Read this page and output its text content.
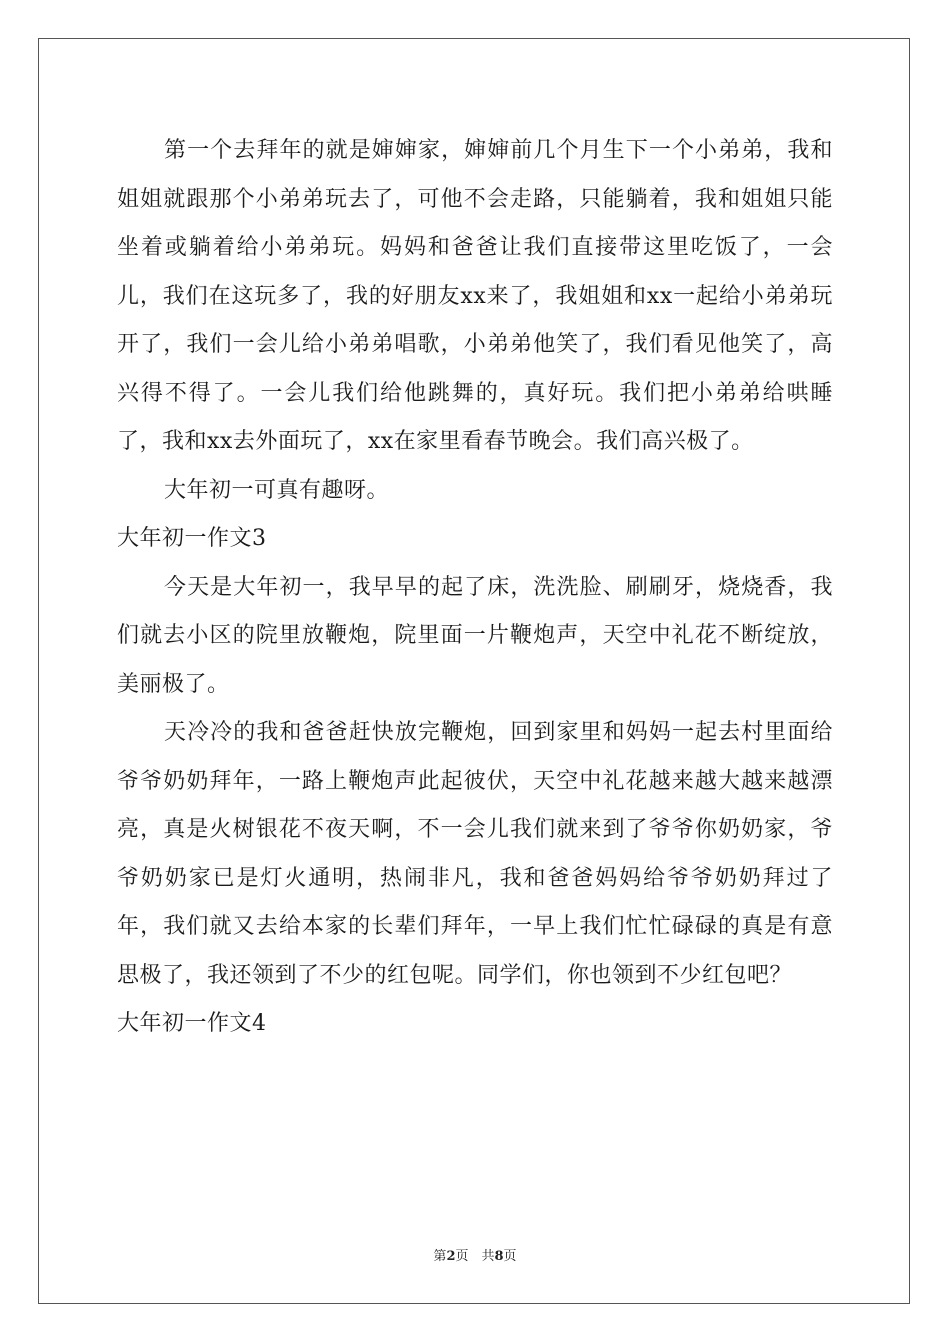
第一个去拜年的就是婶婶家，婶婶前几个月生下一个小弟弟，我和姐姐就跟那个小弟弟玩去了，可他不会走路，只能躺着，我和姐姐只能坐着或躺着给小弟弟玩。妈妈和爸爸让我们直接带这里吃饭了，一会儿，我们在这玩多了，我的好朋友xx来了，我姐姐和xx一起给小弟弟玩开了，我们一会儿给小弟弟唱歌，小弟弟他笑了，我们看见他笑了，高兴得不得了。一会儿我们给他跳舞的，真好玩。我们把小弟弟给哄睡了，我和xx去外面玩了，xx在家里看春节晚会。我们高兴极了。

大年初一可真有趣呀。

大年初一作文3

今天是大年初一，我早早的起了床，洗洗脸、刷刷牙，烧烧香，我们就去小区的院里放鞭炮，院里面一片鞭炮声，天空中礼花不断绽放，美丽极了。

天冷冷的我和爸爸赶快放完鞭炮，回到家里和妈妈一起去村里面给爷爷奶奶拜年，一路上鞭炮声此起彼伏，天空中礼花越来越大越来越漂亮，真是火树银花不夜天啊，不一会儿我们就来到了爷爷你奶奶家，爷爷奶奶家已是灯火通明，热闹非凡，我和爸爸妈妈给爷爷奶奶拜过了年，我们就又去给本家的长辈们拜年，一早上我们忙忙碌碌的真是有意思极了，我还领到了不少的红包呢。同学们，你也领到不少红包吧？

大年初一作文4

第2页　共8页
